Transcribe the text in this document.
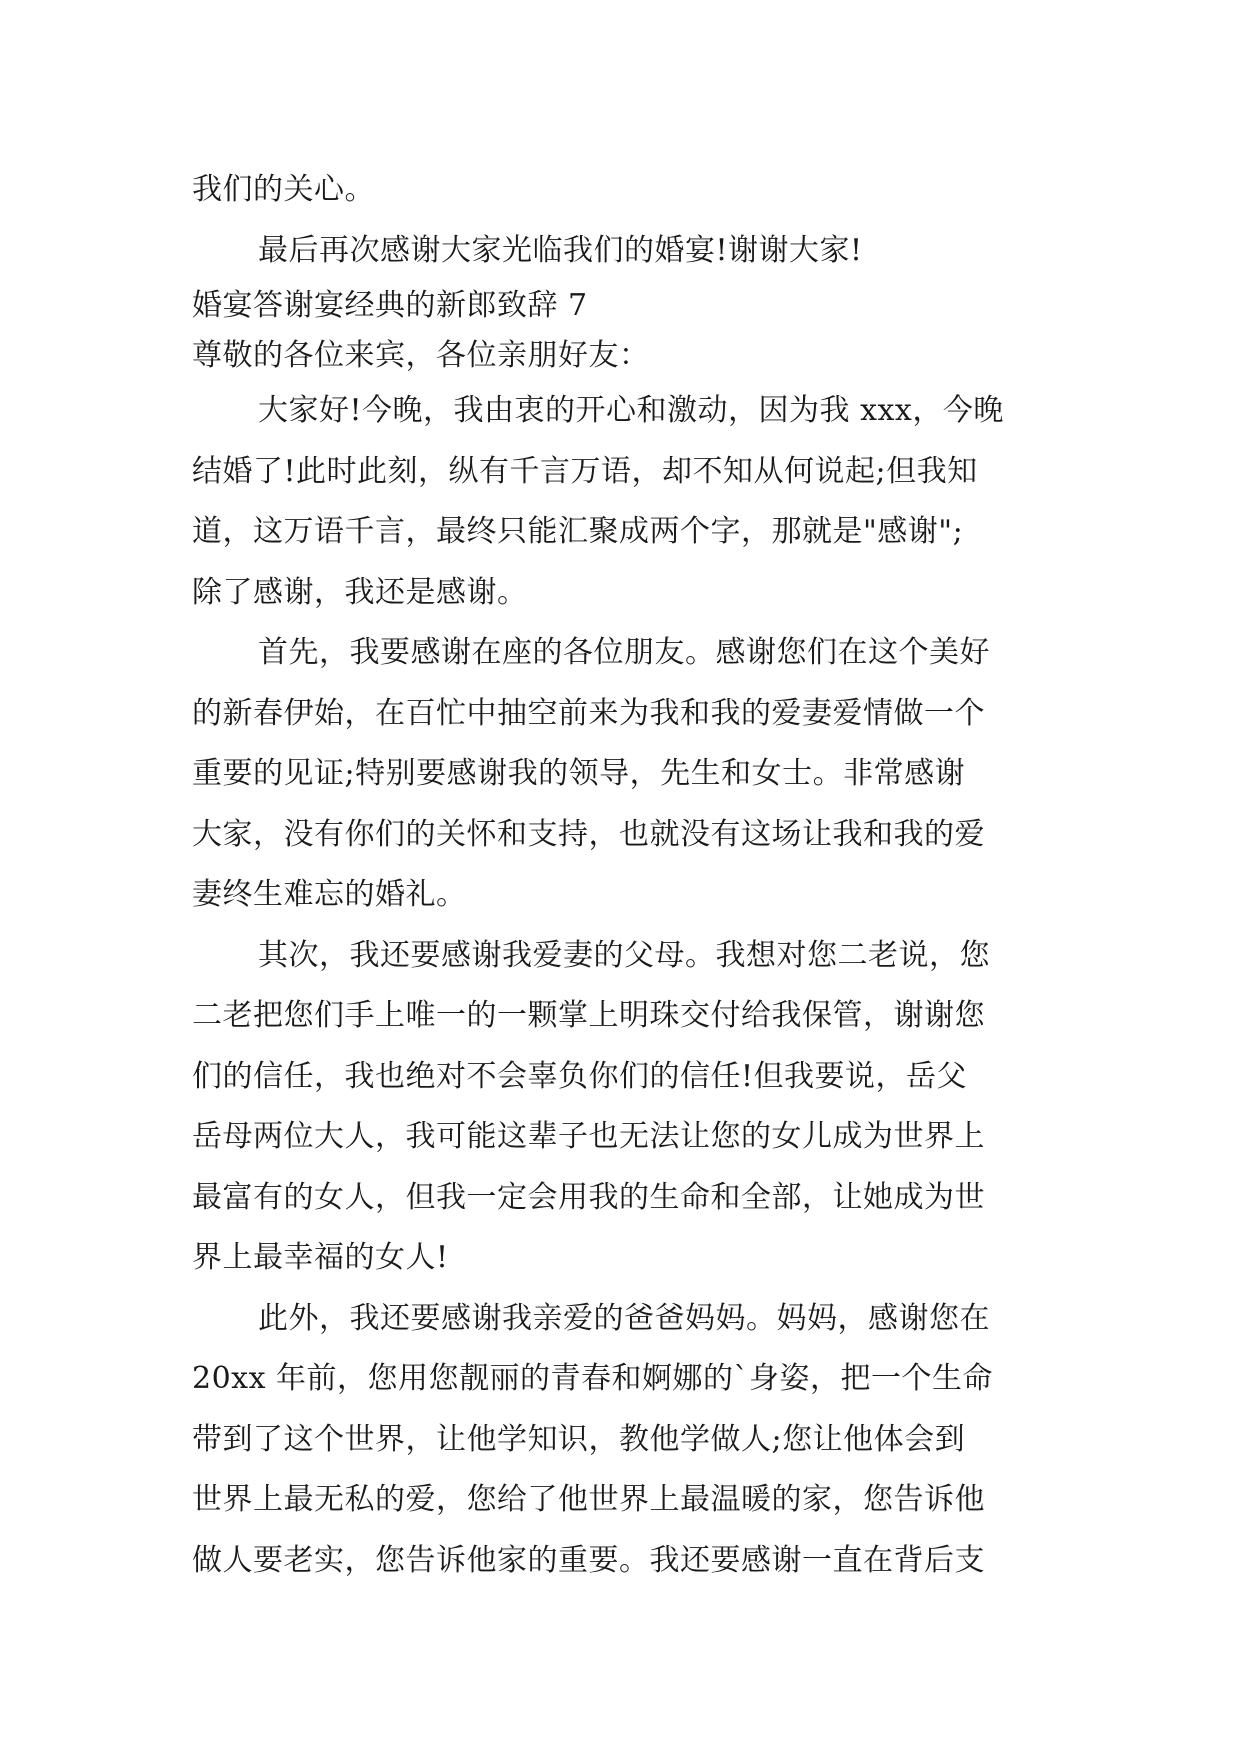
我们的关心。
最后再次感谢大家光临我们的婚宴!谢谢大家!
婚宴答谢宴经典的新郎致辞 7
尊敬的各位来宾，各位亲朋好友：
大家好!今晚，我由衷的开心和激动，因为我 xxx，今晚
结婚了!此时此刻，纵有千言万语，却不知从何说起;但我知
道，这万语千言，最终只能汇聚成两个字，那就是"感谢";
除了感谢，我还是感谢。
首先，我要感谢在座的各位朋友。感谢您们在这个美好
的新春伊始，在百忙中抽空前来为我和我的爱妻爱情做一个
重要的见证;特别要感谢我的领导，先生和女士。非常感谢
大家，没有你们的关怀和支持，也就没有这场让我和我的爱
妻终生难忘的婚礼。
其次，我还要感谢我爱妻的父母。我想对您二老说，您
二老把您们手上唯一的一颗掌上明珠交付给我保管，谢谢您
们的信任，我也绝对不会辜负你们的信任!但我要说，岳父
岳母两位大人，我可能这辈子也无法让您的女儿成为世界上
最富有的女人，但我一定会用我的生命和全部，让她成为世
界上最幸福的女人!
此外，我还要感谢我亲爱的爸爸妈妈。妈妈，感谢您在
20xx 年前，您用您靓丽的青春和婀娜的`身姿，把一个生命
带到了这个世界，让他学知识，教他学做人;您让他体会到
世界上最无私的爱，您给了他世界上最温暖的家，您告诉他
做人要老实，您告诉他家的重要。我还要感谢一直在背后支
